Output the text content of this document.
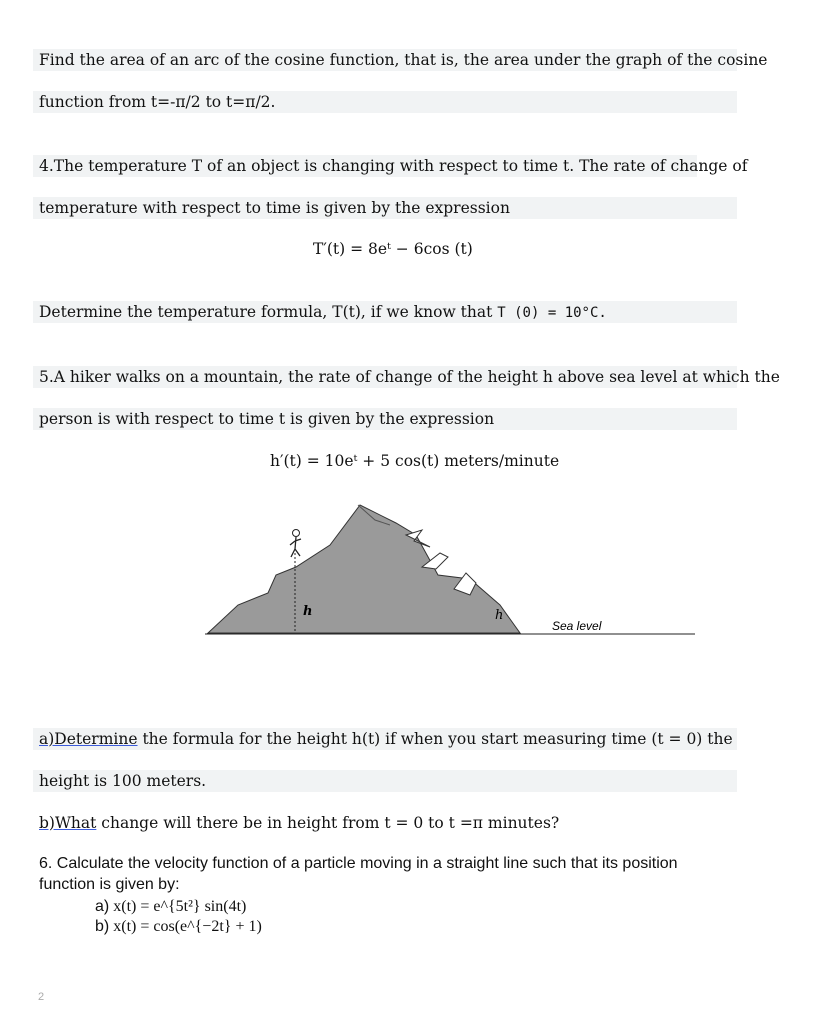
Find the area of an arc of the cosine function, that is, the area under the graph of the cosine
function from t=-π/2 to t=π/2.
4.The temperature T of an object is changing with respect to time t. The rate of change of
temperature with respect to time is given by the expression
T′(t) = 8eᵗ − 6cos (t)
Determine the temperature formula, T(t), if we know that T (0) = 10°C.
5.A hiker walks on a mountain, the rate of change of the height h above sea level at which the
person is with respect to time t is given by the expression
h′(t) = 10eᵗ + 5 cos(t) meters/minute
h	h
Sea level
a)Determine the formula for the height h(t) if when you start measuring time (t = 0) the
height is 100 meters.
b)What change will there be in height from t = 0 to t =π minutes?
6. Calculate the velocity function of a particle moving in a straight line such that its position
function is given by:
a) x(t) = e^{5t²} sin(4t)
b) x(t) = cos(e^{−2t} + 1)
2
